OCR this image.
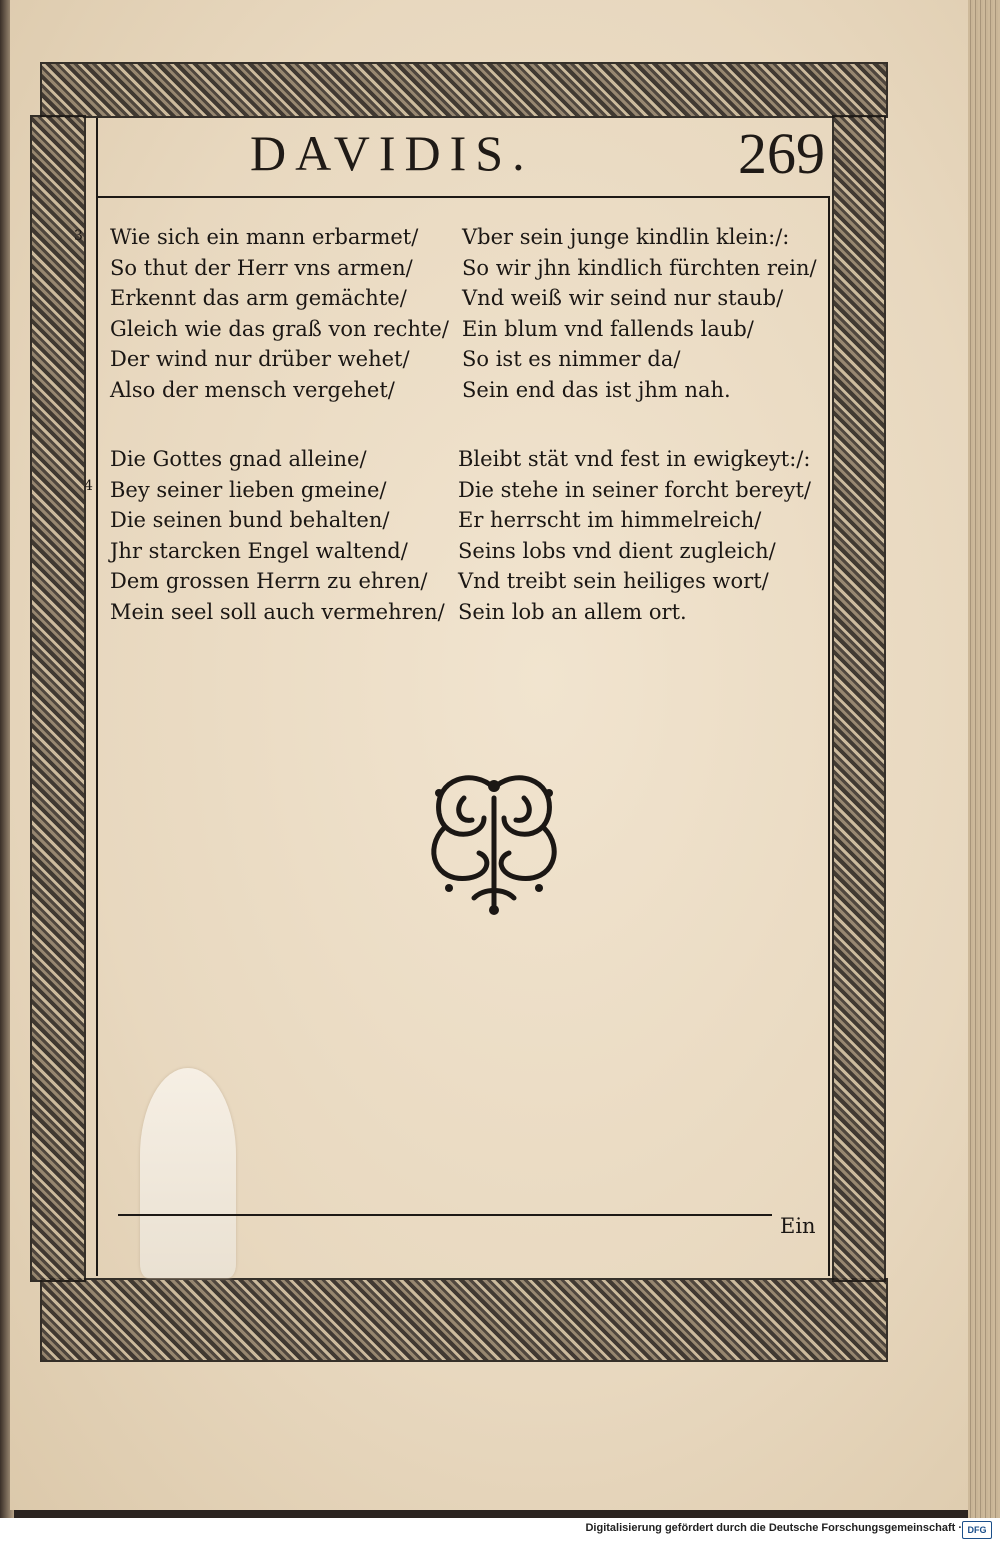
DAVIDIS.	269
3
4
Wie sich ein mann erbarmet/
So thut der Herr vns armen/
Erkennt das arm gemächte/
Gleich wie das graß von rechte/
Der wind nur drüber wehet/
Also der mensch vergehet/
Vber sein junge kindlin klein:/:
So wir jhn kindlich fürchten rein/
Vnd weiß wir seind nur staub/
Ein blum vnd fallends laub/
So ist es nimmer da/
Sein end das ist jhm nah.
Die Gottes gnad alleine/
Bey seiner lieben gmeine/
Die seinen bund behalten/
Jhr starcken Engel waltend/
Dem grossen Herrn zu ehren/
Mein seel soll auch vermehren/
Bleibt stät vnd fest in ewigkeyt:/:
Die stehe in seiner forcht bereyt/
Er herrscht im himmelreich/
Seins lobs vnd dient zugleich/
Vnd treibt sein heiliges wort/
Sein lob an allem ort.
Ein
Digitalisierung gefördert durch die Deutsche Forschungsgemeinschaft · DFG
